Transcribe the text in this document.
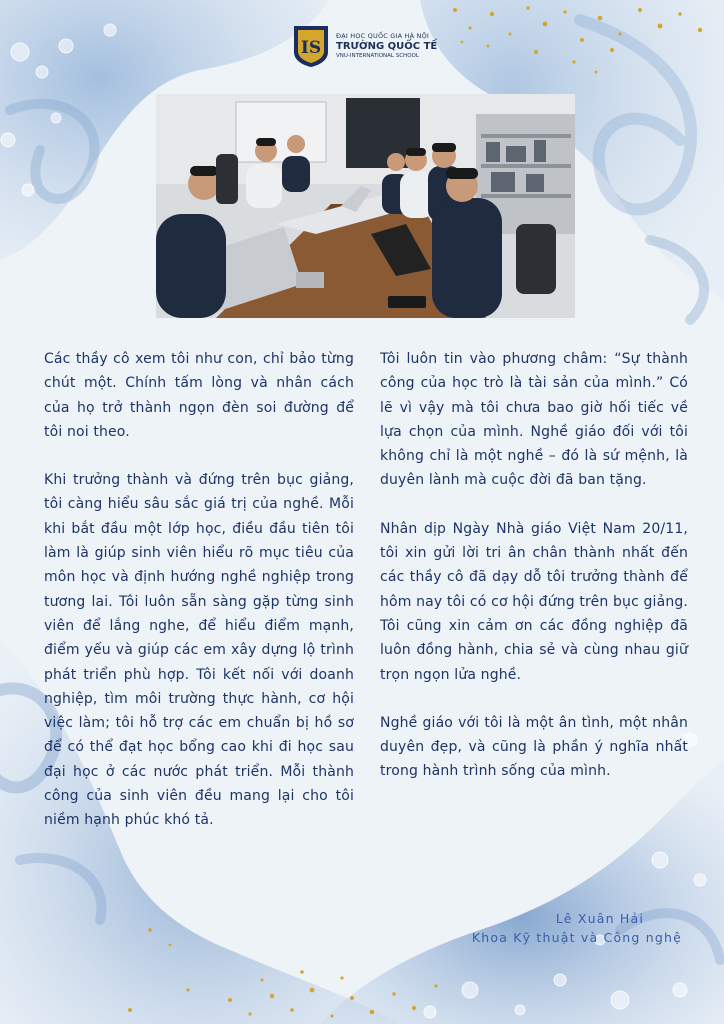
IS
ĐẠI HỌC QUỐC GIA HÀ NỘI
TRƯỜNG QUỐC TẾ
VNU-INTERNATIONAL SCHOOL

Các thầy cô xem tôi như con, chỉ bảo từng chút một. Chính tấm lòng và nhân cách của họ trở thành ngọn đèn soi đường để tôi noi theo.

Khi trưởng thành và đứng trên bục giảng, tôi càng hiểu sâu sắc giá trị của nghề. Mỗi khi bắt đầu một lớp học, điều đầu tiên tôi làm là giúp sinh viên hiểu rõ mục tiêu của môn học và định hướng nghề nghiệp trong tương lai. Tôi luôn sẵn sàng gặp từng sinh viên để lắng nghe, để hiểu điểm mạnh, điểm yếu và giúp các em xây dựng lộ trình phát triển phù hợp. Tôi kết nối với doanh nghiệp, tìm môi trường thực hành, cơ hội việc làm; tôi hỗ trợ các em chuẩn bị hồ sơ để có thể đạt học bổng cao khi đi học sau đại học ở các nước phát triển. Mỗi thành công của sinh viên đều mang lại cho tôi niềm hạnh phúc khó tả.

Tôi luôn tin vào phương châm: “Sự thành công của học trò là tài sản của mình.” Có lẽ vì vậy mà tôi chưa bao giờ hối tiếc về lựa chọn của mình. Nghề giáo đối với tôi không chỉ là một nghề – đó là sứ mệnh, là duyên lành mà cuộc đời đã ban tặng.

Nhân dịp Ngày Nhà giáo Việt Nam 20/11, tôi xin gửi lời tri ân chân thành nhất đến các thầy cô đã dạy dỗ tôi trưởng thành để hôm nay tôi có cơ hội đứng trên bục giảng. Tôi cũng xin cảm ơn các đồng nghiệp đã luôn đồng hành, chia sẻ và cùng nhau giữ trọn ngọn lửa nghề.

Nghề giáo với tôi là một ân tình, một nhân duyên đẹp, và cũng là phần ý nghĩa nhất trong hành trình sống của mình.

Lê Xuân Hải
Khoa Kỹ thuật và Công nghệ
